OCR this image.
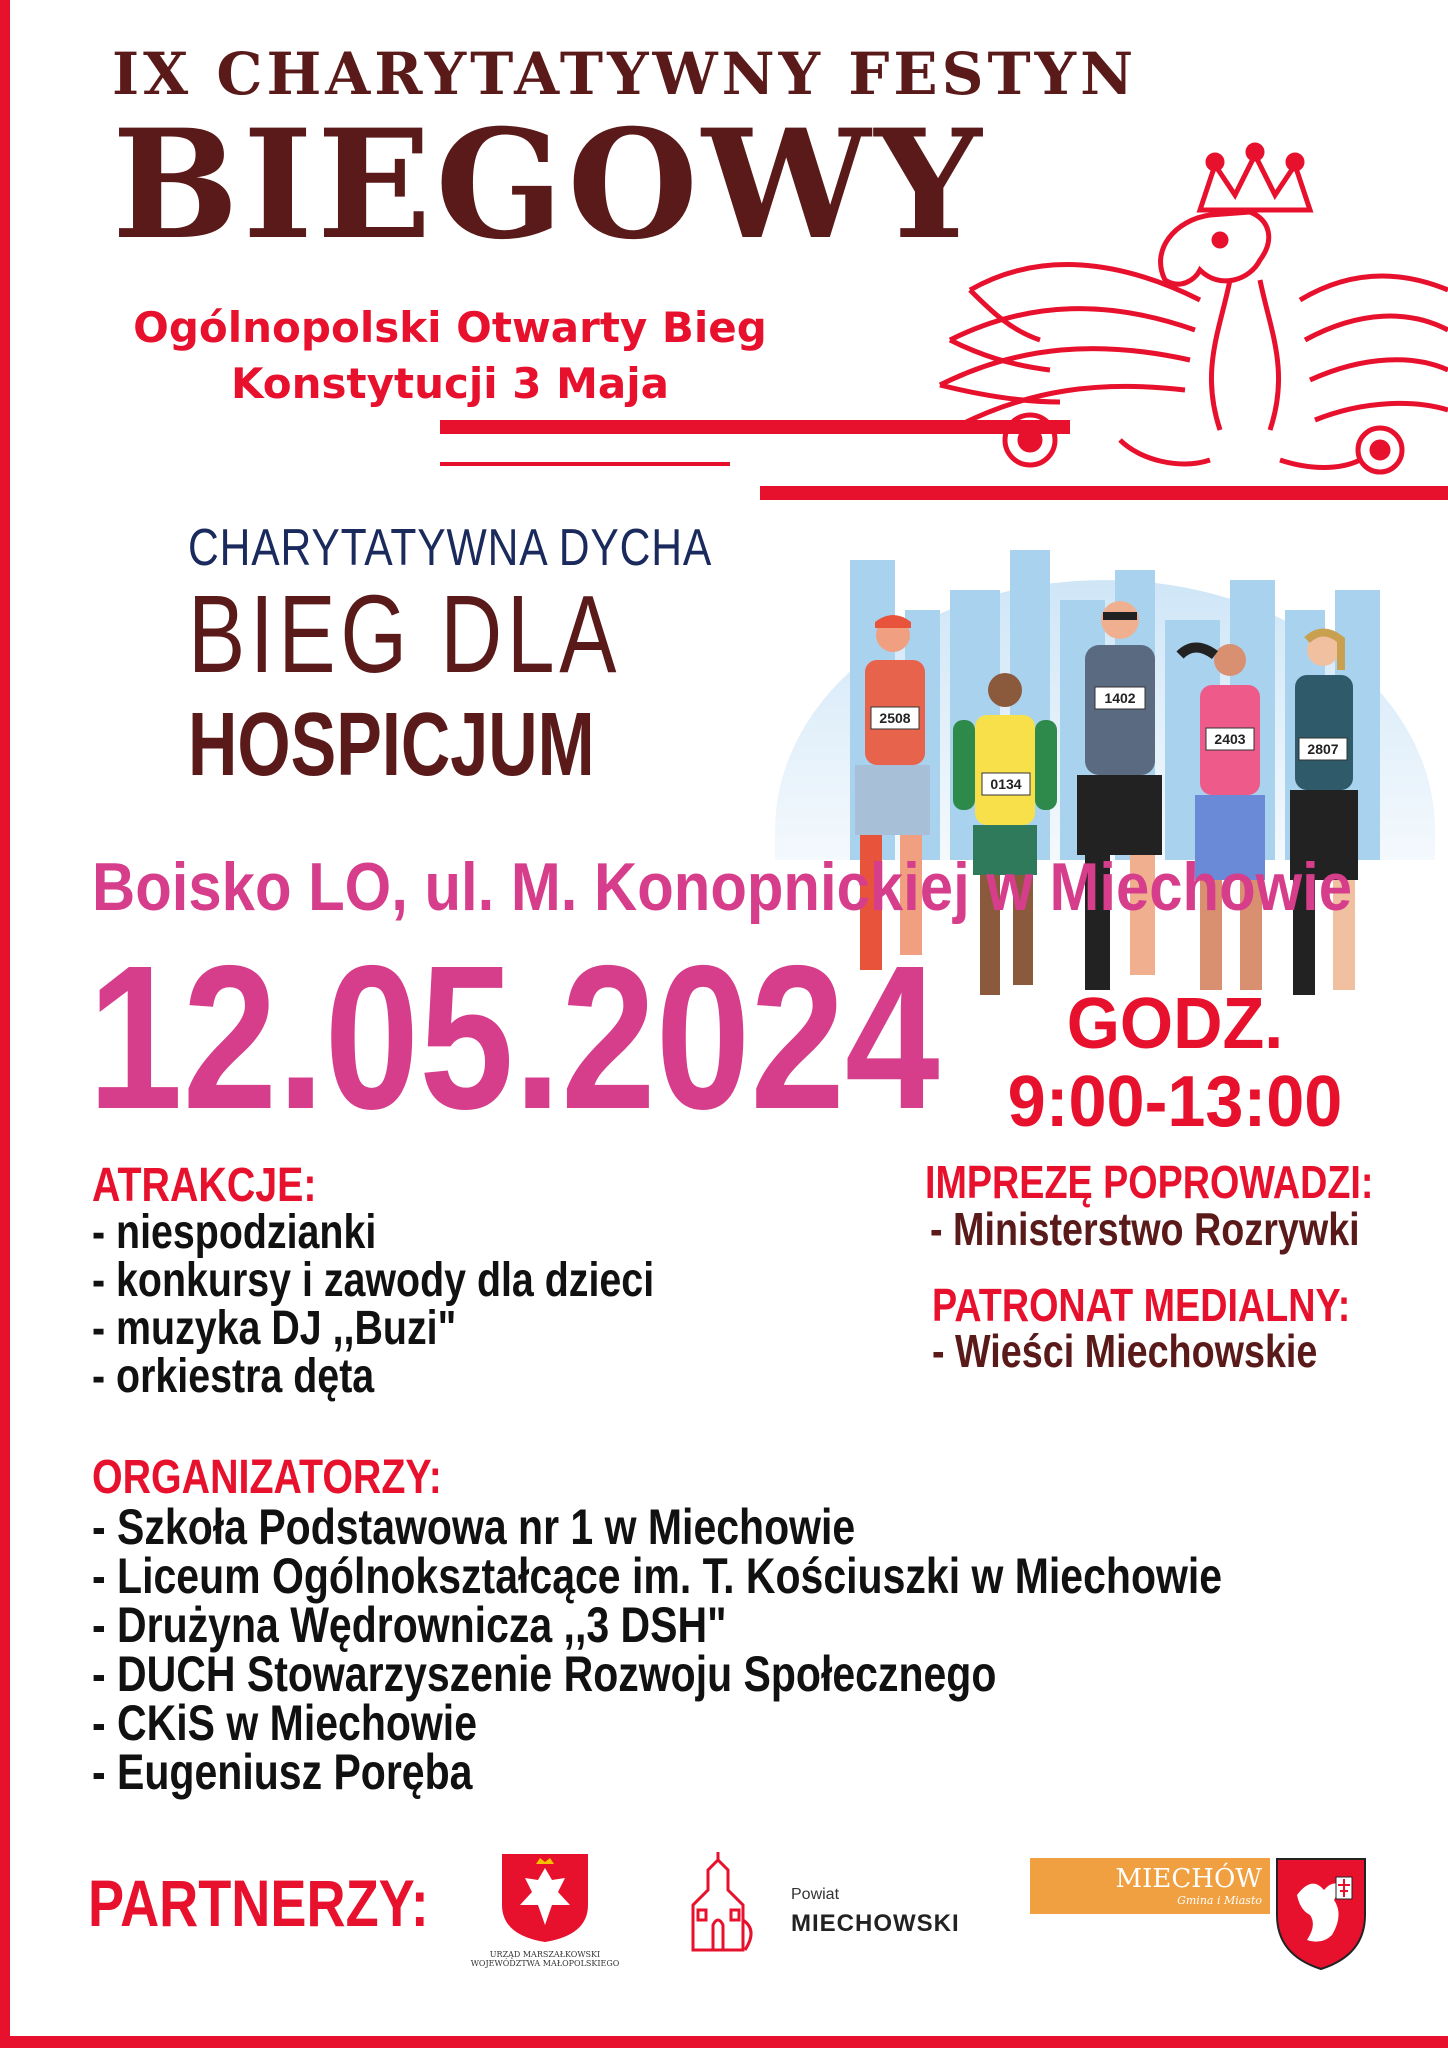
IX CHARYTATYWNY FESTYN
BIEGOWY
Ogólnopolski Otwarty Bieg
Konstytucji 3 Maja
CHARYTATYWNA DYCHA
BIEG DLA
HOSPICJUM	2508
0134
1402
2403
2807
Boisko LO, ul. M. Konopnickiej w Miechowie
12.05.2024	GODZ.
9:00-13:00
ATRAKCJE:
- niespodzianki
- konkursy i zawody dla dzieci
- muzyka DJ ,,Buzi"
- orkiestra dęta
IMPREZĘ POPROWADZI:
- Ministerstwo Rozrywki
PATRONAT MEDIALNY:
- Wieści Miechowskie
ORGANIZATORZY:
- Szkoła Podstawowa nr 1 w Miechowie
- Liceum Ogólnokształcące im. T. Kościuszki w Miechowie
- Drużyna Wędrownicza ,,3 DSH"
- DUCH Stowarzyszenie Rozwoju Społecznego
- CKiS w Miechowie
- Eugeniusz Poręba
PARTNERZY:
URZĄD MARSZAŁKOWSKI
WOJEWÓDZTWA MAŁOPOLSKIEGO
Powiat
MIECHOWSKI
MIECHÓW
Gmina i Miasto
